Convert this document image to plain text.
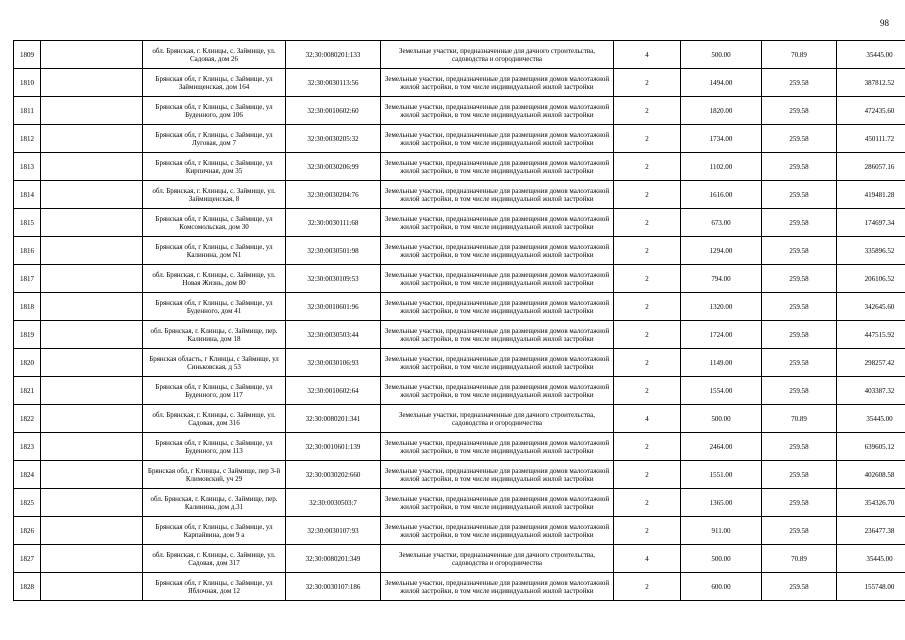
98
1809		обл. Брянская, г. Клинцы, с. Займище, ул. Садовая, дом 26	32:30:0080201:133	Земельные участки, предназначенные для дачного строительства, садоводства и огородничества	4	500.00	70.89	35445.00
1810		Брянская обл, г Клинцы, с Займище, ул Займищенская, дом 164	32:30:0030113:56	Земельные участки, предназначенные для размещения домов малоэтажной жилой застройки, в том числе индивидуальной жилой застройки	2	1494.00	259.58	387812.52
1811		Брянская обл, г Клинцы, с Займище, ул Буденного, дом 106	32:30:0010602:60	Земельные участки, предназначенные для размещения домов малоэтажной жилой застройки, в том числе индивидуальной жилой застройки	2	1820.00	259.58	472435.60
1812		Брянская обл, г Клинцы, с Займище, ул Луговая, дом 7	32:30:0030205:32	Земельные участки, предназначенные для размещения домов малоэтажной жилой застройки, в том числе индивидуальной жилой застройки	2	1734.00	259.58	450111.72
1813		Брянская обл, г Клинцы, с Займище, ул Кирпичная, дом 35	32:30:0030206:99	Земельные участки, предназначенные для размещения домов малоэтажной жилой застройки, в том числе индивидуальной жилой застройки	2	1102.00	259.58	286057.16
1814		обл. Брянская, г. Клинцы, с. Займище, ул. Займищенская, 8	32:30:0030204:76	Земельные участки, предназначенные для размещения домов малоэтажной жилой застройки, в том числе индивидуальной жилой застройки	2	1616.00	259.58	419481.28
1815		Брянская обл, г Клинцы, с Займище, ул Комсомольская, дом 30	32:30:0030111:68	Земельные участки, предназначенные для размещения домов малоэтажной жилой застройки, в том числе индивидуальной жилой застройки	2	673.00	259.58	174697.34
1816		Брянская обл, г Клинцы, с Займище, ул Калинина, дом N1	32:30:0030501:98	Земельные участки, предназначенные для размещения домов малоэтажной жилой застройки, в том числе индивидуальной жилой застройки	2	1294.00	259.58	335896.52
1817		обл. Брянская, г. Клинцы, с. Займище, ул. Новая Жизнь, дом 80	32:30:0030109:53	Земельные участки, предназначенные для размещения домов малоэтажной жилой застройки, в том числе индивидуальной жилой застройки	2	794.00	259.58	206106.52
1818		Брянская обл, г Клинцы, с Займище, ул Буденного, дом 41	32:30:0010601:96	Земельные участки, предназначенные для размещения домов малоэтажной жилой застройки, в том числе индивидуальной жилой застройки	2	1320.00	259.58	342645.60
1819		обл. Брянская, г. Клинцы, с. Займище, пер. Калинина, дом 18	32:30:0030503:44	Земельные участки, предназначенные для размещения домов малоэтажной жилой застройки, в том числе индивидуальной жилой застройки	2	1724.00	259.58	447515.92
1820		Брянская область, г Клинцы, с Займище, ул Синьковская, д 53	32:30:0030106:93	Земельные участки, предназначенные для размещения домов малоэтажной жилой застройки, в том числе индивидуальной жилой застройки	2	1149.00	259.58	298257.42
1821		Брянская обл, г Клинцы, с Займище, ул Буденного, дом 117	32:30:0010602:64	Земельные участки, предназначенные для размещения домов малоэтажной жилой застройки, в том числе индивидуальной жилой застройки	2	1554.00	259.58	403387.32
1822		обл. Брянская, г. Клинцы, с. Займище, ул. Садовая, дом 316	32:30:0080201:341	Земельные участки, предназначенные для дачного строительства, садоводства и огородничества	4	500.00	70.89	35445.00
1823		Брянская обл, г Клинцы, с Займище, ул Буденного, дом 113	32:30:0010601:139	Земельные участки, предназначенные для размещения домов малоэтажной жилой застройки, в том числе индивидуальной жилой застройки	2	2464.00	259.58	639605.12
1824		Брянская обл, г Клинцы, с Займище, пер 3-й Климовский, уч 29	32:30:0030202:660	Земельные участки, предназначенные для размещения домов малоэтажной жилой застройки, в том числе индивидуальной жилой застройки	2	1551.00	259.58	402608.58
1825		обл. Брянская, г. Клинцы, с. Займище, пер. Калинина, дом д.31	32:30:0030503:7	Земельные участки, предназначенные для размещения домов малоэтажной жилой застройки, в том числе индивидуальной жилой застройки	2	1365.00	259.58	354326.70
1826		Брянская обл, г Клинцы, с Займище, ул Карпайвина, дом 9 а	32:30:0030107:93	Земельные участки, предназначенные для размещения домов малоэтажной жилой застройки, в том числе индивидуальной жилой застройки	2	911.00	259.58	236477.38
1827		обл. Брянская, г. Клинцы, с. Займище, ул. Садовая, дом 317	32:30:0080201:349	Земельные участки, предназначенные для дачного строительства, садоводства и огородничества	4	500.00	70.89	35445.00
1828		Брянская обл, г Клинцы, с Займище, ул Яблочная, дом 12	32:30:0030107:186	Земельные участки, предназначенные для размещения домов малоэтажной жилой застройки, в том числе индивидуальной жилой застройки	2	600.00	259.58	155748.00
